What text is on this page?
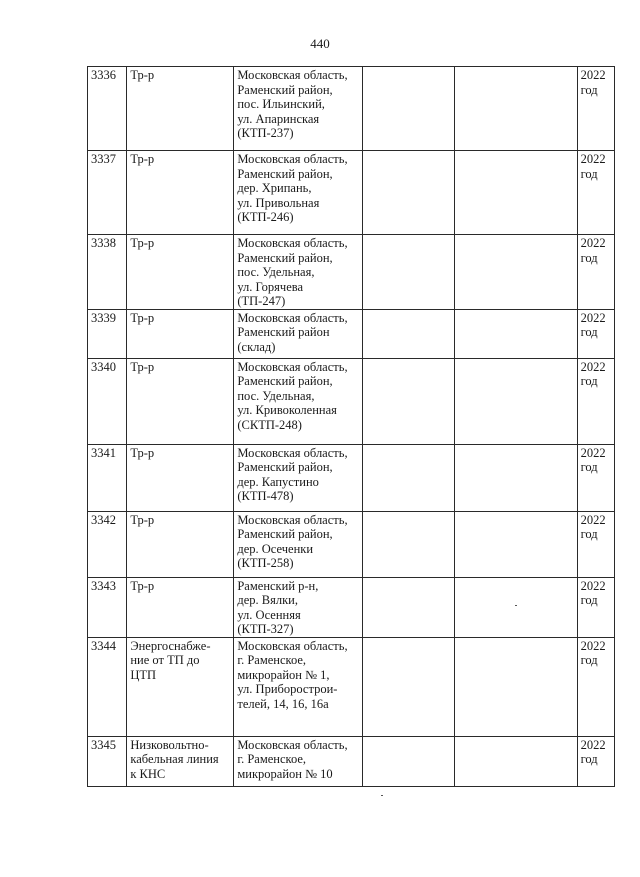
440
3336	Тр-р	Московская область,
Раменский район,
пос. Ильинский,
ул. Апаринская
(КТП-237)			2022
год
3337	Тр-р	Московская область,
Раменский район,
дер. Хрипань,
ул. Привольная
(КТП-246)			2022
год
3338	Тр-р	Московская область,
Раменский район,
пос. Удельная,
ул. Горячева
(ТП-247)			2022
год
3339	Тр-р	Московская область,
Раменский район
(склад)			2022
год
3340	Тр-р	Московская область,
Раменский район,
пос. Удельная,
ул. Кривоколенная
(СКТП-248)			2022
год
3341	Тр-р	Московская область,
Раменский район,
дер. Капустино
(КТП-478)			2022
год
3342	Тр-р	Московская область,
Раменский район,
дер. Осеченки
(КТП-258)			2022
год
3343	Тр-р	Раменский р-н,
дер. Вялки,
ул. Осенняя
(КТП-327)			2022
год
3344	Энергоснабже-
ние от ТП до
ЦТП	Московская область,
г. Раменское,
микрорайон № 1,
ул. Приборострои-
телей, 14, 16, 16а			2022
год
3345	Низковольтно-
кабельная линия
к КНС	Московская область,
г. Раменское,
микрорайон № 10			2022
год
